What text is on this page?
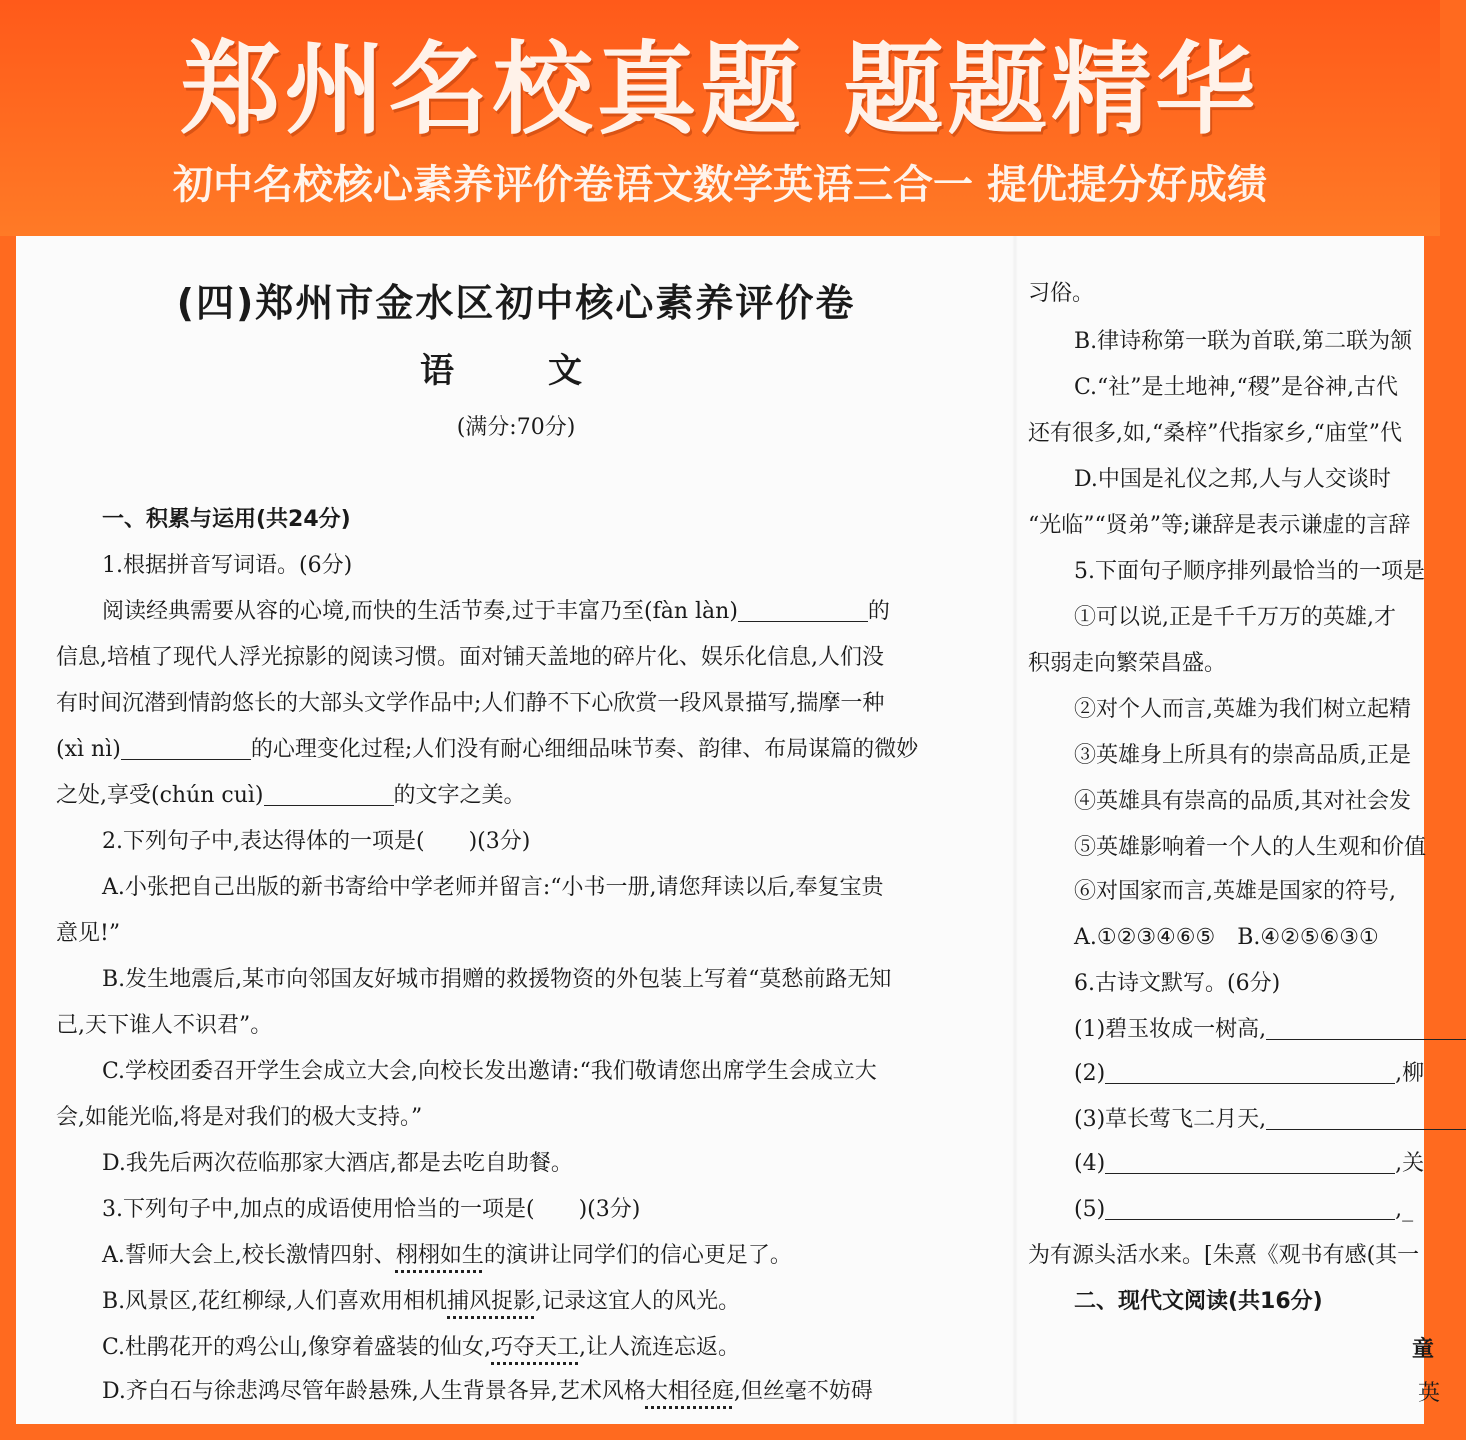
郑州名校真题 题题精华
初中名校核心素养评价卷语文数学英语三合一 提优提分好成绩
(四)郑州市金水区初中核心素养评价卷
语　文
(满分:70分)
一、积累与运用(共24分)
1.根据拼音写词语。(6分)
阅读经典需要从容的心境,而快的生活节奏,过于丰富乃至(fàn làn)	的
信息,培植了现代人浮光掠影的阅读习惯。面对铺天盖地的碎片化、娱乐化信息,人们没
有时间沉潜到情韵悠长的大部头文学作品中;人们静不下心欣赏一段风景描写,揣摩一种
(xì nì)	的心理变化过程;人们没有耐心细细品味节奏、韵律、布局谋篇的微妙
之处,享受(chún cuì)	的文字之美。
2.下列句子中,表达得体的一项是(　　)(3分)
A.小张把自己出版的新书寄给中学老师并留言:“小书一册,请您拜读以后,奉复宝贵
意见!”
B.发生地震后,某市向邻国友好城市捐赠的救援物资的外包装上写着“莫愁前路无知
己,天下谁人不识君”。
C.学校团委召开学生会成立大会,向校长发出邀请:“我们敬请您出席学生会成立大
会,如能光临,将是对我们的极大支持。”
D.我先后两次莅临那家大酒店,都是去吃自助餐。
3.下列句子中,加点的成语使用恰当的一项是(　　)(3分)
A.誓师大会上,校长激情四射、栩栩如生的演讲让同学们的信心更足了。
B.风景区,花红柳绿,人们喜欢用相机捕风捉影,记录这宜人的风光。
C.杜鹃花开的鸡公山,像穿着盛装的仙女,巧夺天工,让人流连忘返。
D.齐白石与徐悲鸿尽管年龄悬殊,人生背景各异,艺术风格大相径庭,但丝毫不妨碍
习俗。
B.律诗称第一联为首联,第二联为颔
C.“社”是土地神,“稷”是谷神,古代
还有很多,如,“桑梓”代指家乡,“庙堂”代
D.中国是礼仪之邦,人与人交谈时
“光临”“贤弟”等;谦辞是表示谦虚的言辞
5.下面句子顺序排列最恰当的一项是
①可以说,正是千千万万的英雄,才
积弱走向繁荣昌盛。
②对个人而言,英雄为我们树立起精
③英雄身上所具有的崇高品质,正是
④英雄具有崇高的品质,其对社会发
⑤英雄影响着一个人的人生观和价值
⑥对国家而言,英雄是国家的符号,
A.①②③④⑥⑤　B.④②⑤⑥③①
6.古诗文默写。(6分)
(1)碧玉妆成一树高,
(2)	,柳
(3)草长莺飞二月天,
(4)	,关
(5)	,_
为有源头活水来。[朱熹《观书有感(其一
二、现代文阅读(共16分)
童
英
